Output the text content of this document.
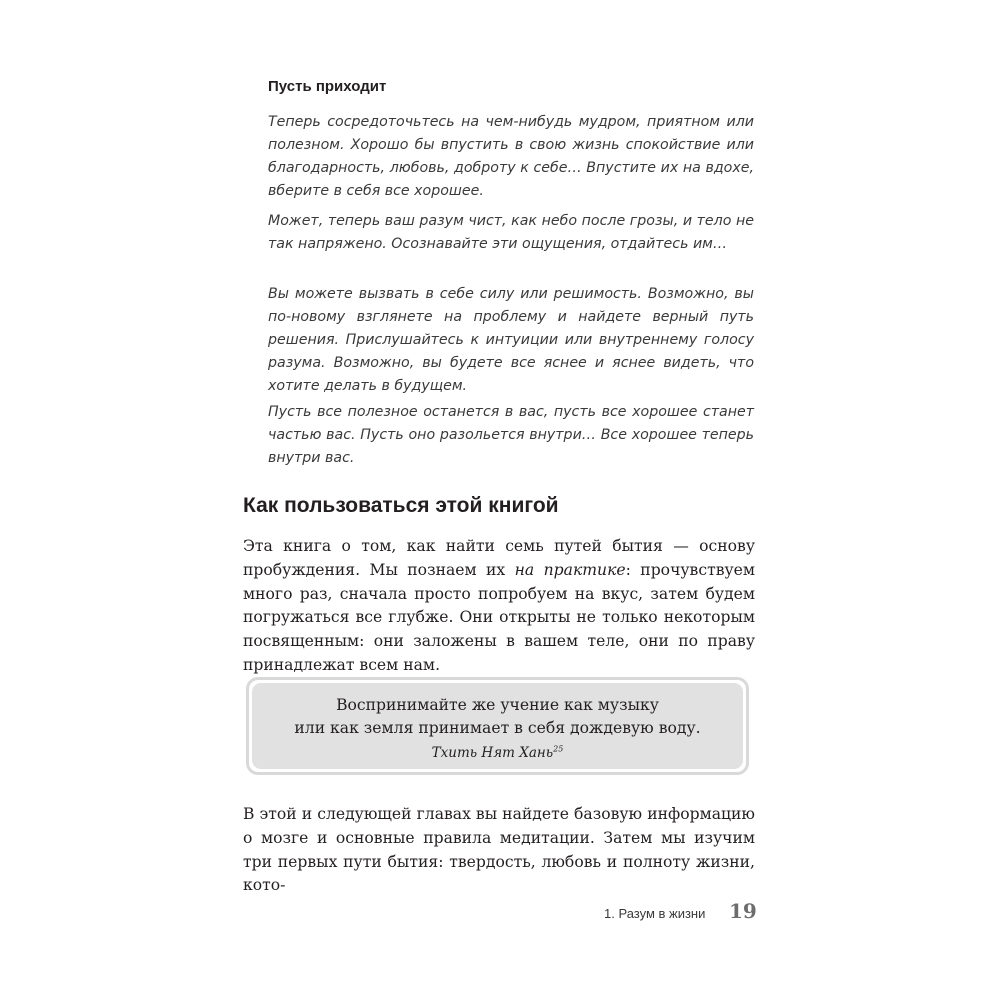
Пусть приходит
Теперь сосредоточьтесь на чем-нибудь мудром, приятном или полезном. Хорошо бы впустить в свою жизнь спокойствие или благодарность, любовь, доброту к себе… Впустите их на вдохе, вберите в себя все хорошее.
Может, теперь ваш разум чист, как небо после грозы, и тело не так напряжено. Осознавайте эти ощущения, отдайтесь им…
Вы можете вызвать в себе силу или решимость. Возможно, вы по-новому взглянете на проблему и найдете верный путь решения. Прислушайтесь к интуиции или внутреннему голосу разума. Возможно, вы будете все яснее и яснее видеть, что хотите делать в будущем.
Пусть все полезное останется в вас, пусть все хорошее станет частью вас. Пусть оно разольется внутри… Все хорошее теперь внутри вас.
Как пользоваться этой книгой
Эта книга о том, как найти семь путей бытия — основу пробуждения. Мы познаем их на практике: прочувствуем много раз, сначала просто попробуем на вкус, затем будем погружаться все глубже. Они открыты не только некоторым посвященным: они заложены в вашем теле, они по праву принадлежат всем нам.
Воспринимайте же учение как музыку
или как земля принимает в себя дождевую воду.
Тхить Нят Хань$^{25}$
В этой и следующей главах вы найдете базовую информацию о мозге и основные правила медитации. Затем мы изучим три первых пути бытия: твердость, любовь и полноту жизни, кото-
1. Разум в жизни 19
